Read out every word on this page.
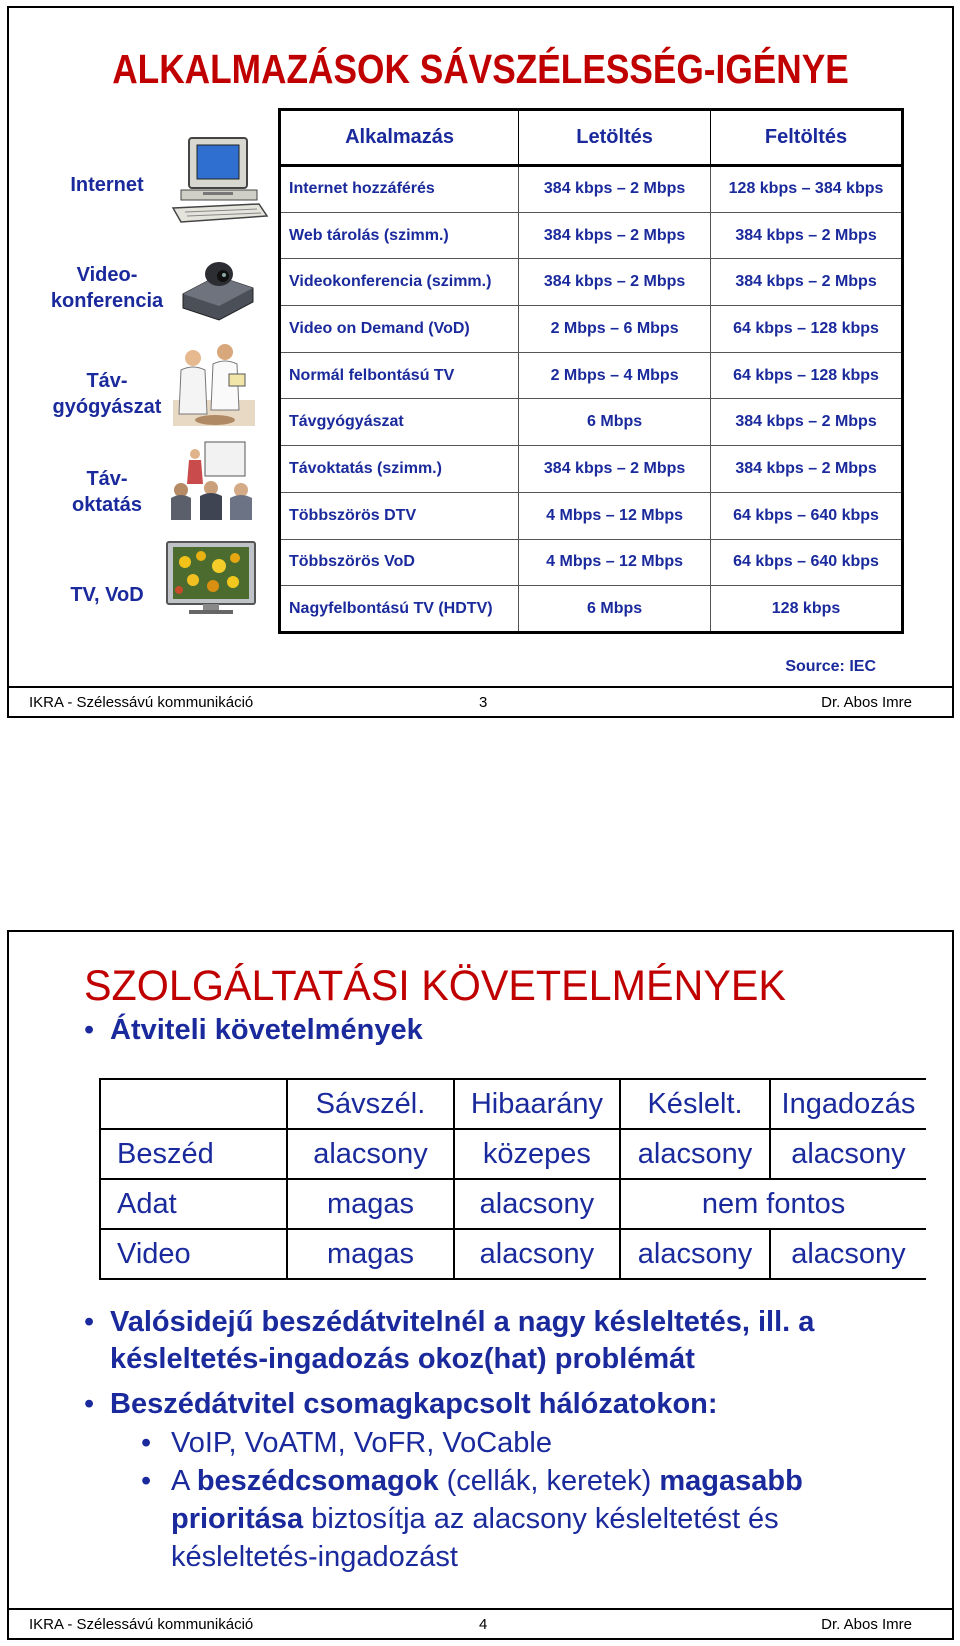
ALKALMAZÁSOK SÁVSZÉLESSÉG-IGÉNYE
Internet
Video-
konferencia
Táv-
gyógyászat
Táv-
oktatás
TV, VoD
Alkalmazás	Letöltés	Feltöltés
Internet hozzáférés	384 kbps – 2 Mbps	128 kbps – 384 kbps
Web tárolás (szimm.)	384 kbps – 2 Mbps	384 kbps – 2 Mbps
Videokonferencia (szimm.)	384 kbps – 2 Mbps	384 kbps – 2 Mbps
Video on Demand (VoD)	2 Mbps – 6 Mbps	64 kbps – 128 kbps
Normál felbontású TV	2 Mbps – 4 Mbps	64 kbps – 128 kbps
Távgyógyászat	6 Mbps	384 kbps – 2 Mbps
Távoktatás (szimm.)	384 kbps – 2 Mbps	384 kbps – 2 Mbps
Többszörös DTV	4 Mbps – 12 Mbps	64 kbps – 640 kbps
Többszörös VoD	4 Mbps – 12 Mbps	64 kbps – 640 kbps
Nagyfelbontású TV (HDTV)	6 Mbps	128 kbps
Source: IEC
IKRA - Szélessávú kommunikáció	3	Dr. Abos Imre
SZOLGÁLTATÁSI KÖVETELMÉNYEK
• Átviteli követelmények
	Sávszél.	Hibaarány	Késlelt.	Ingadozás
Beszéd	alacsony	közepes	alacsony	alacsony
Adat	magas	alacsony	nem fontos	
Video	magas	alacsony	alacsony	alacsony
• Valósidejű beszédátvitelnél a nagy késleltetés, ill. a késleltetés-ingadozás okoz(hat) problémát
• Beszédátvitel csomagkapcsolt hálózatokon:
• VoIP, VoATM, VoFR, VoCable
• A beszédcsomagok (cellák, keretek) magasabb prioritása biztosítja az alacsony késleltetést és késleltetés-ingadozást
IKRA - Szélessávú kommunikáció	4	Dr. Abos Imre
